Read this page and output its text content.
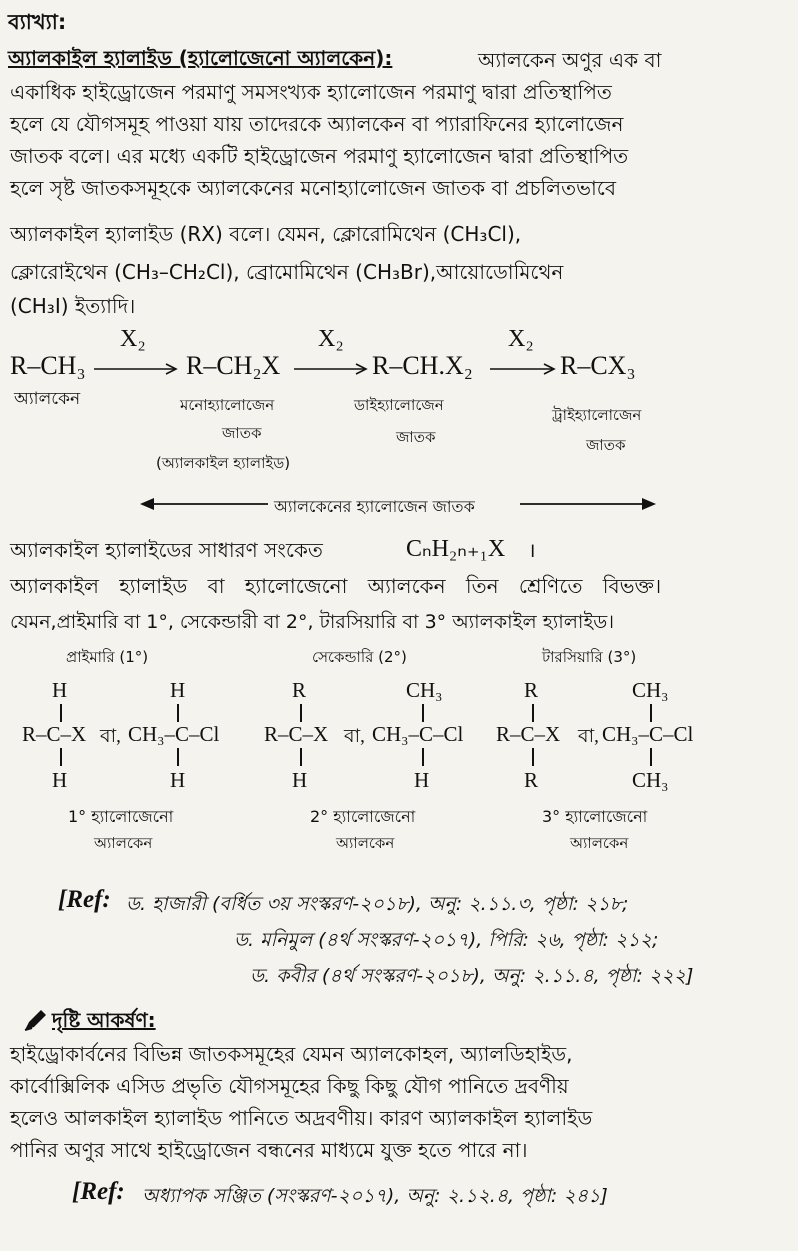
ব্যাখ্যা:
অ্যালকাইল হ্যালাইড (হ্যালোজেনো অ্যালকেন):	অ্যালকেন অণুর এক বা
একাধিক হাইড্রোজেন পরমাণু সমসংখ্যক হ্যালোজেন পরমাণু দ্বারা প্রতিস্থাপিত
হলে যে যৌগসমূহ পাওয়া যায় তাদেরকে অ্যালকেন বা প্যারাফিনের হ্যালোজেন
জাতক বলে। এর মধ্যে একটি হাইড্রোজেন পরমাণু হ্যালোজেন দ্বারা প্রতিস্থাপিত
হলে সৃষ্ট জাতকসমূহকে অ্যালকেনের মনোহ্যালোজেন জাতক বা প্রচলিতভাবে
অ্যালকাইল হ্যালাইড (RX) বলে। যেমন, ক্লোরোমিথেন (CH₃Cl),
ক্লোরোইথেন (CH₃–CH₂Cl), ব্রোমোমিথেন (CH₃Br),আয়োডোমিথেন
(CH₃I) ইত্যাদি।
R–CH₃
X₂
R–CH₂X
X₂
R–CH.X₂
X₂
R–CX₃
অ্যালকেন	মনোহ্যালোজেন
জাতক
(অ্যালকাইল হ্যালাইড)
ডাইহ্যালোজেন
জাতক
ট্রাইহ্যালোজেন
জাতক
অ্যালকেনের হ্যালোজেন জাতক
অ্যালকাইল হ্যালাইডের সাধারণ সংকেত	CₙH₂ₙ₊₁X ।
অ্যালকাইল হ্যালাইড বা হ্যালোজেনো অ্যালকেন তিন শ্রেণিতে বিভক্ত।
যেমন,প্রাইমারি বা 1°, সেকেন্ডারী বা 2°, টারসিয়ারি বা 3° অ্যালকাইল হ্যালাইড।
প্রাইমারি (1°)	সেকেন্ডারি (2°)	টারসিয়ারি (3°)
H
R–C–X
H
বা,
H
CH₃–C–Cl
H
R
R–C–X
H
বা,
CH₃
CH₃–C–Cl
H
R
R–C–X
R
বা,
CH₃
CH₃–C–Cl
CH₃
1° হ্যালোজেনো
অ্যালকেন
2° হ্যালোজেনো
অ্যালকেন
3° হ্যালোজেনো
অ্যালকেন
[Ref: ড. হাজারী (বর্ধিত ৩য় সংস্করণ-২০১৮), অনু: ২.১১.৩, পৃষ্ঠা: ২১৮;
ড. মনিমুল (৪র্থ সংস্করণ-২০১৭), পিরি: ২৬, পৃষ্ঠা: ২১২;
ড. কবীর (৪র্থ সংস্করণ-২০১৮), অনু: ২.১১.৪, পৃষ্ঠা: ২২২]
দৃষ্টি আকর্ষণ:
হাইড্রোকার্বনের বিভিন্ন জাতকসমূহের যেমন অ্যালকোহল, অ্যালডিহাইড,
কার্বোক্সিলিক এসিড প্রভৃতি যৌগসমূহের কিছু কিছু যৌগ পানিতে দ্রবণীয়
হলেও আলকাইল হ্যালাইড পানিতে অদ্রবণীয়। কারণ অ্যালকাইল হ্যালাইড
পানির অণুর সাথে হাইড্রোজেন বন্ধনের মাধ্যমে যুক্ত হতে পারে না।
[Ref: অধ্যাপক সঞ্জিত (সংস্করণ-২০১৭), অনু: ২.১২.৪, পৃষ্ঠা: ২৪১]
